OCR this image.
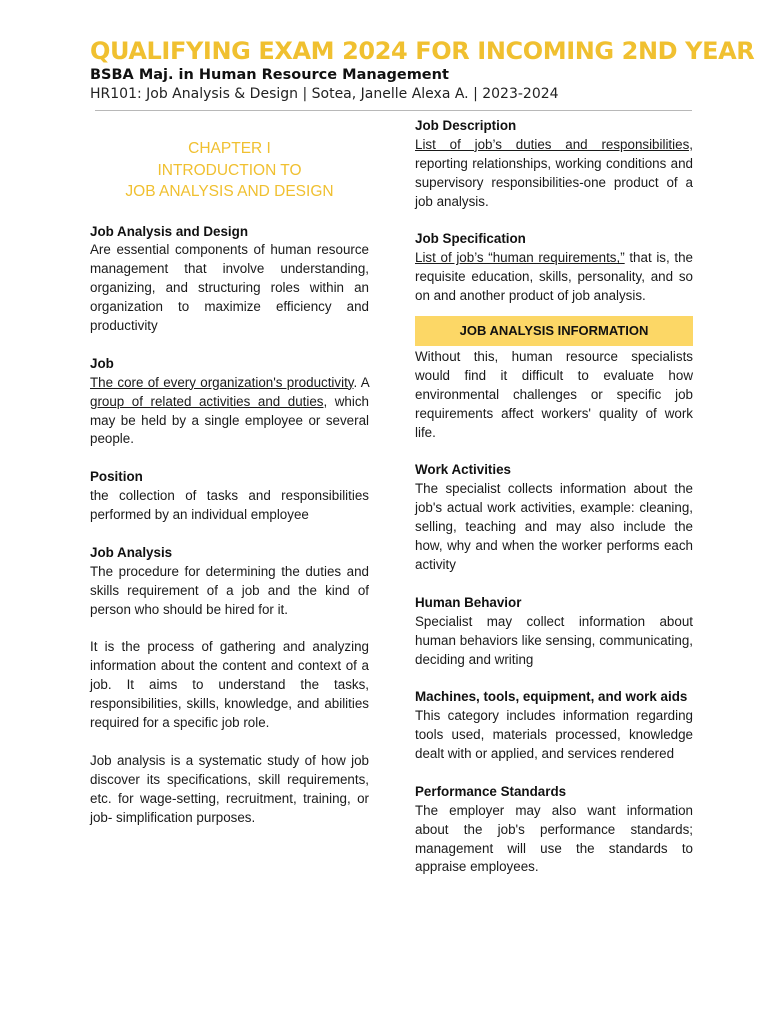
QUALIFYING EXAM 2024 FOR INCOMING 2ND YEAR
BSBA Maj. in Human Resource Management
HR101: Job Analysis & Design | Sotea, Janelle Alexa A. | 2023-2024
CHAPTER I
INTRODUCTION TO
JOB ANALYSIS AND DESIGN
Job Analysis and Design
Are essential components of human resource management that involve understanding, organizing, and structuring roles within an organization to maximize efficiency and productivity
Job
The core of every organization's productivity. A group of related activities and duties, which may be held by a single employee or several people.
Position
the collection of tasks and responsibilities performed by an individual employee
Job Analysis
The procedure for determining the duties and skills requirement of a job and the kind of person who should be hired for it.
It is the process of gathering and analyzing information about the content and context of a job. It aims to understand the tasks, responsibilities, skills, knowledge, and abilities required for a specific job role.
Job analysis is a systematic study of how job discover its specifications, skill requirements, etc. for wage-setting, recruitment, training, or job- simplification purposes.
Job Description
List of job’s duties and responsibilities, reporting relationships, working conditions and supervisory responsibilities-one product of a job analysis.
Job Specification
List of job’s “human requirements,” that is, the requisite education, skills, personality, and so on and another product of job analysis.
JOB ANALYSIS INFORMATION
Without this, human resource specialists would find it difficult to evaluate how environmental challenges or specific job requirements affect workers' quality of work life.
Work Activities
The specialist collects information about the job's actual work activities, example: cleaning, selling, teaching and may also include the how, why and when the worker performs each activity
Human Behavior
Specialist may collect information about human behaviors like sensing, communicating, deciding and writing
Machines, tools, equipment, and work aids
This category includes information regarding tools used, materials processed, knowledge dealt with or applied, and services rendered
Performance Standards
The employer may also want information about the job's performance standards; management will use the standards to appraise employees.
